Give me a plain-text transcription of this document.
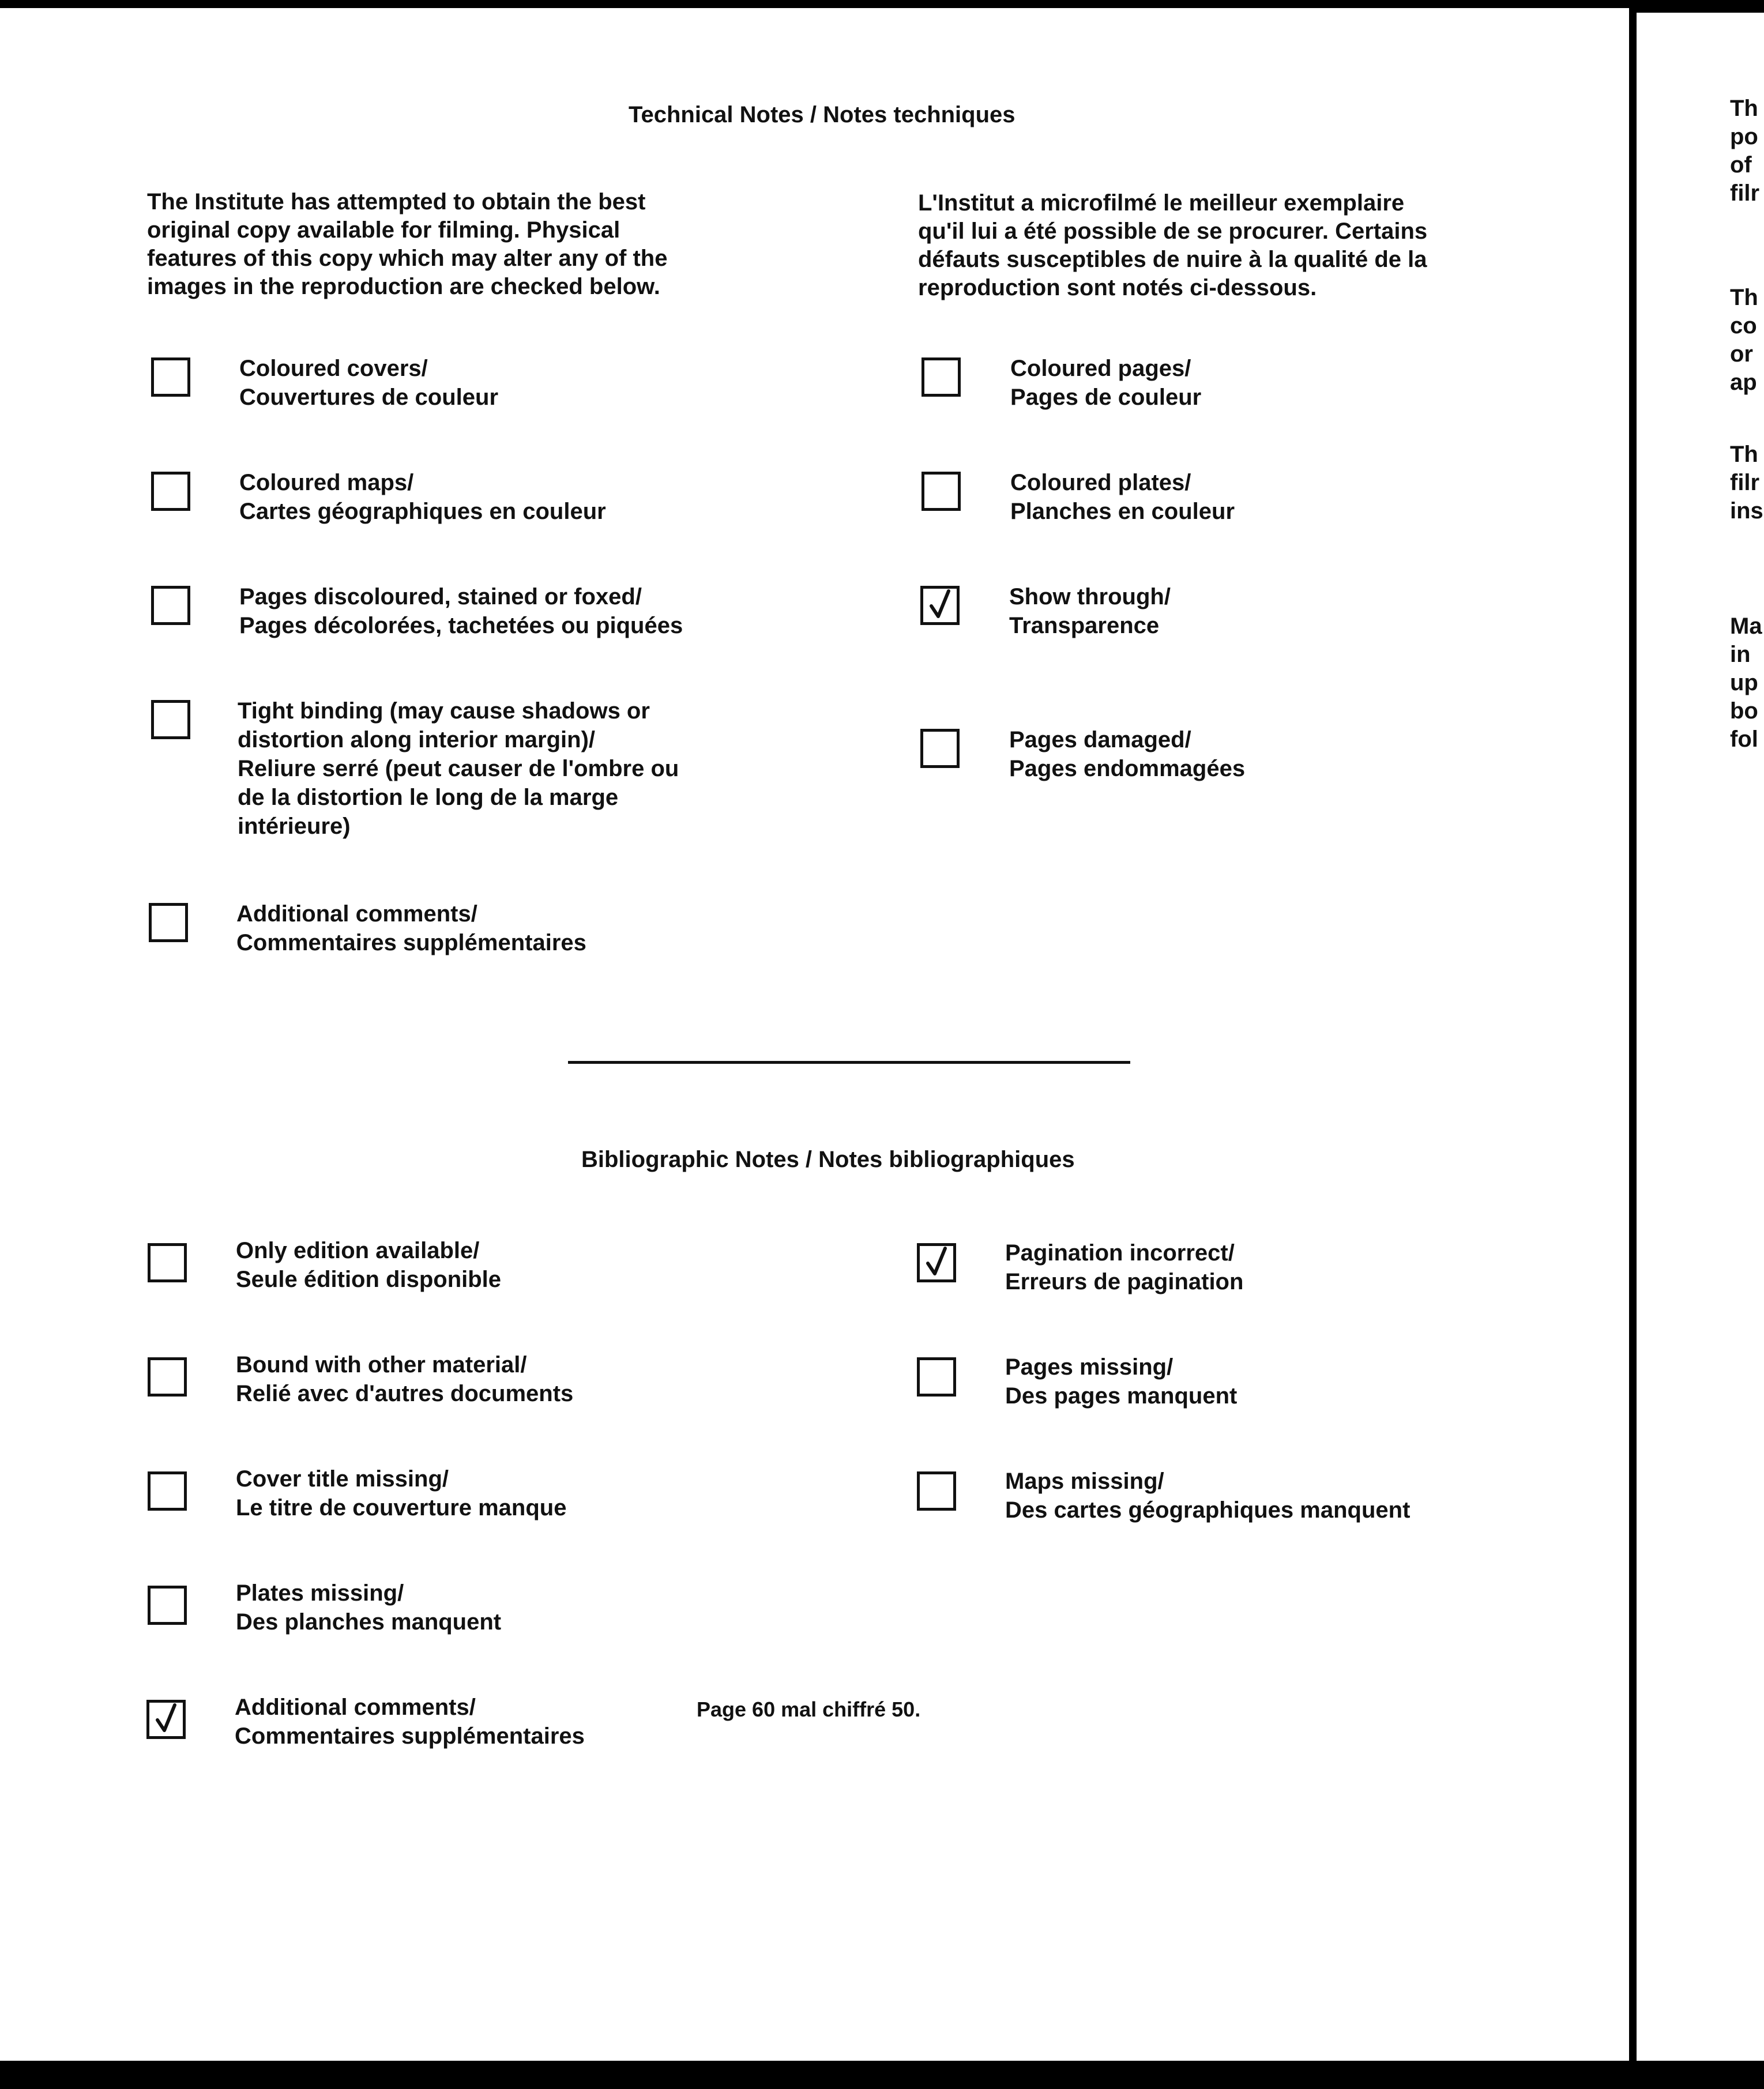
Technical Notes / Notes techniques
The Institute has attempted to obtain the best
original copy available for filming. Physical
features of this copy which may alter any of the
images in the reproduction are checked below.
L'Institut a microfilmé le meilleur exemplaire
qu'il lui a été possible de se procurer. Certains
défauts susceptibles de nuire à la qualité de la
reproduction sont notés ci-dessous.
Coloured covers/
Couvertures de couleur
Coloured maps/
Cartes géographiques en couleur
Pages discoloured, stained or foxed/
Pages décolorées, tachetées ou piquées
Tight binding (may cause shadows or
distortion along interior margin)/
Reliure serré (peut causer de l'ombre ou
de la distortion le long de la marge
intérieure)
Additional comments/
Commentaires supplémentaires
Coloured pages/
Pages de couleur
Coloured plates/
Planches en couleur
Show through/
Transparence
Pages damaged/
Pages endommagées
Bibliographic Notes / Notes bibliographiques
Only edition available/
Seule édition disponible
Bound with other material/
Relié avec d'autres documents
Cover title missing/
Le titre de couverture manque
Plates missing/
Des planches manquent
Additional comments/
Commentaires supplémentaires
Page 60 mal chiffré 50.
Pagination incorrect/
Erreurs de pagination
Pages missing/
Des pages manquent
Maps missing/
Des cartes géographiques manquent
Th
po
of
filr
Th
co
or
ap
Th
filr
ins
Ma
in
up
bo
fol
